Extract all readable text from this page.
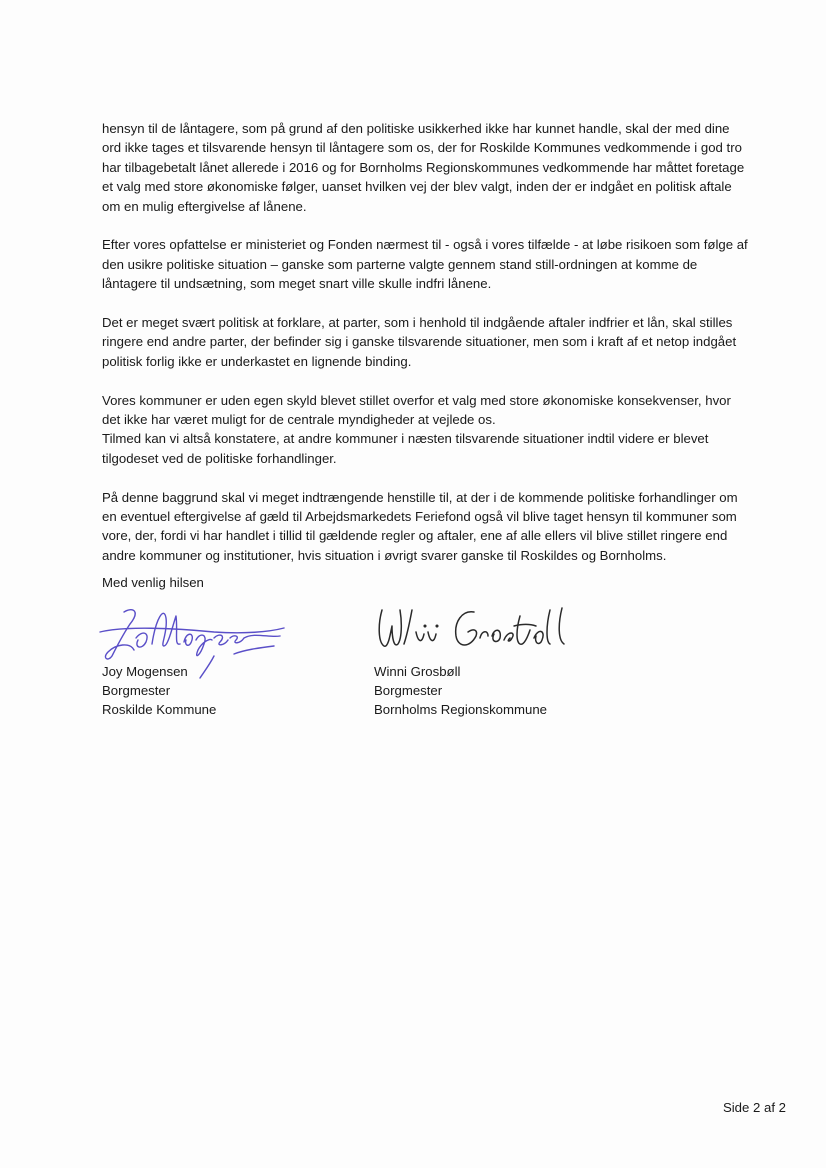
hensyn til de låntagere, som på grund af den politiske usikkerhed ikke har kunnet handle, skal der med dine
ord ikke tages et tilsvarende hensyn til låntagere som os, der for Roskilde Kommunes vedkommende i god tro
har tilbagebetalt lånet allerede i 2016 og for Bornholms Regionskommunes vedkommende har måttet foretage
et valg med store økonomiske følger, uanset hvilken vej der blev valgt, inden der er indgået en politisk aftale
om en mulig eftergivelse af lånene.

Efter vores opfattelse er ministeriet og Fonden nærmest til - også i vores tilfælde - at løbe risikoen som følge af
den usikre politiske situation – ganske som parterne valgte gennem stand still-ordningen at komme de
låntagere til undsætning, som meget snart ville skulle indfri lånene.

Det er meget svært politisk at forklare, at parter, som i henhold til indgående aftaler indfrier et lån, skal stilles
ringere end andre parter, der befinder sig i ganske tilsvarende situationer, men som i kraft af et netop indgået
politisk forlig ikke er underkastet en lignende binding.

Vores kommuner er uden egen skyld blevet stillet overfor et valg med store økonomiske konsekvenser, hvor
det ikke har været muligt for de centrale myndigheder at vejlede os.
Tilmed kan vi altså konstatere, at andre kommuner i næsten tilsvarende situationer indtil videre er blevet
tilgodeset ved de politiske forhandlinger.

På denne baggrund skal vi meget indtrængende henstille til, at der i de kommende politiske forhandlinger om
en eventuel eftergivelse af gæld til Arbejdsmarkedets Feriefond også vil blive taget hensyn til kommuner som
vore, der, fordi vi har handlet i tillid til gældende regler og aftaler, ene af alle ellers vil blive stillet ringere end
andre kommuner og institutioner, hvis situation i øvrigt svarer ganske til Roskildes og Bornholms.

Med venlig hilsen
Joy Mogensen
Borgmester
Roskilde Kommune
Winni Grosbøll
Borgmester
Bornholms Regionskommune
Side 2 af 2
